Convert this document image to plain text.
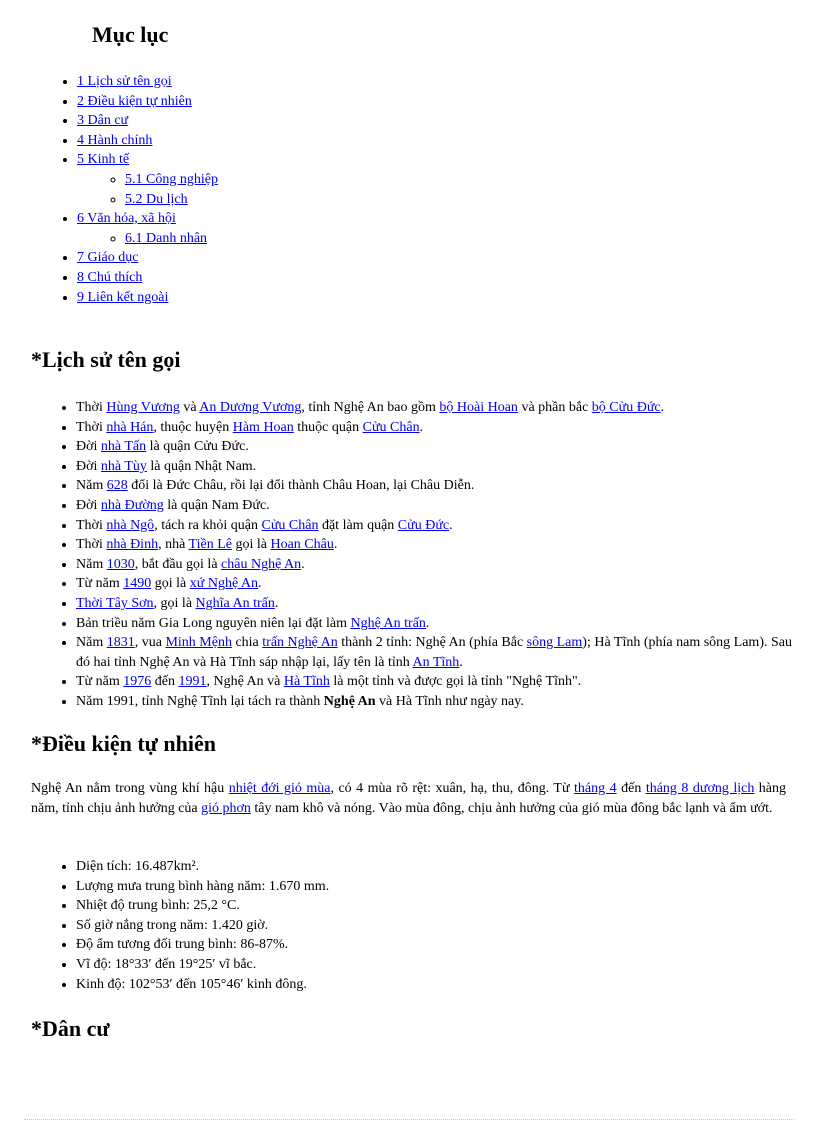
Mục lục
• 1 Lịch sử tên gọi
• 2 Điều kiện tự nhiên
• 3 Dân cư
• 4 Hành chính
• 5 Kinh tế
◦ 5.1 Công nghiệp
◦ 5.2 Du lịch
• 6 Văn hóa, xã hội
◦ 6.1 Danh nhân
• 7 Giáo dục
• 8 Chú thích
• 9 Liên kết ngoài
*Lịch sử tên gọi
• Thời Hùng Vương và An Dương Vương, tỉnh Nghệ An bao gồm bộ Hoài Hoan và phần bắc bộ Cửu Đức.
• Thời nhà Hán, thuộc huyện Hàm Hoan thuộc quận Cửu Chân.
• Đời nhà Tấn là quận Cửu Đức.
• Đời nhà Tùy là quận Nhật Nam.
• Năm 628 đổi là Đức Châu, rồi lại đổi thành Châu Hoan, lại Châu Diễn.
• Đời nhà Đường là quận Nam Đức.
• Thời nhà Ngô, tách ra khỏi quận Cửu Chân đặt làm quận Cửu Đức.
• Thời nhà Đinh, nhà Tiền Lê gọi là Hoan Châu.
• Năm 1030, bắt đầu gọi là châu Nghệ An.
• Từ năm 1490 gọi là xứ Nghệ An.
• Thời Tây Sơn, gọi là Nghĩa An trấn.
• Bản triều năm Gia Long nguyên niên lại đặt làm Nghệ An trấn.
• Năm 1831, vua Minh Mệnh chia trấn Nghệ An thành 2 tỉnh: Nghệ An (phía Bắc sông Lam); Hà Tĩnh (phía nam sông Lam). Sau đó hai tỉnh Nghệ An và Hà Tĩnh sáp nhập lại, lấy tên là tỉnh An Tĩnh.
• Từ năm 1976 đến 1991, Nghệ An và Hà Tĩnh là một tỉnh và được gọi là tỉnh "Nghệ Tĩnh".
• Năm 1991, tỉnh Nghệ Tĩnh lại tách ra thành Nghệ An và Hà Tĩnh như ngày nay.
*Điều kiện tự nhiên

Nghệ An nằm trong vùng khí hậu nhiệt đới gió mùa, có 4 mùa rõ rệt: xuân, hạ, thu, đông. Từ tháng 4 đến tháng 8 dương lịch hàng năm, tỉnh chịu ảnh hưởng của gió phơn tây nam khô và nóng. Vào mùa đông, chịu ảnh hưởng của gió mùa đông bắc lạnh và ẩm ướt.

• Diện tích: 16.487km².
• Lượng mưa trung bình hàng năm: 1.670 mm.
• Nhiệt độ trung bình: 25,2 °C.
• Số giờ nắng trong năm: 1.420 giờ.
• Độ ẩm tương đối trung bình: 86-87%.
• Vĩ độ: 18°33′ đến 19°25′ vĩ bắc.
• Kinh độ: 102°53′ đến 105°46′ kinh đông.
*Dân cư
